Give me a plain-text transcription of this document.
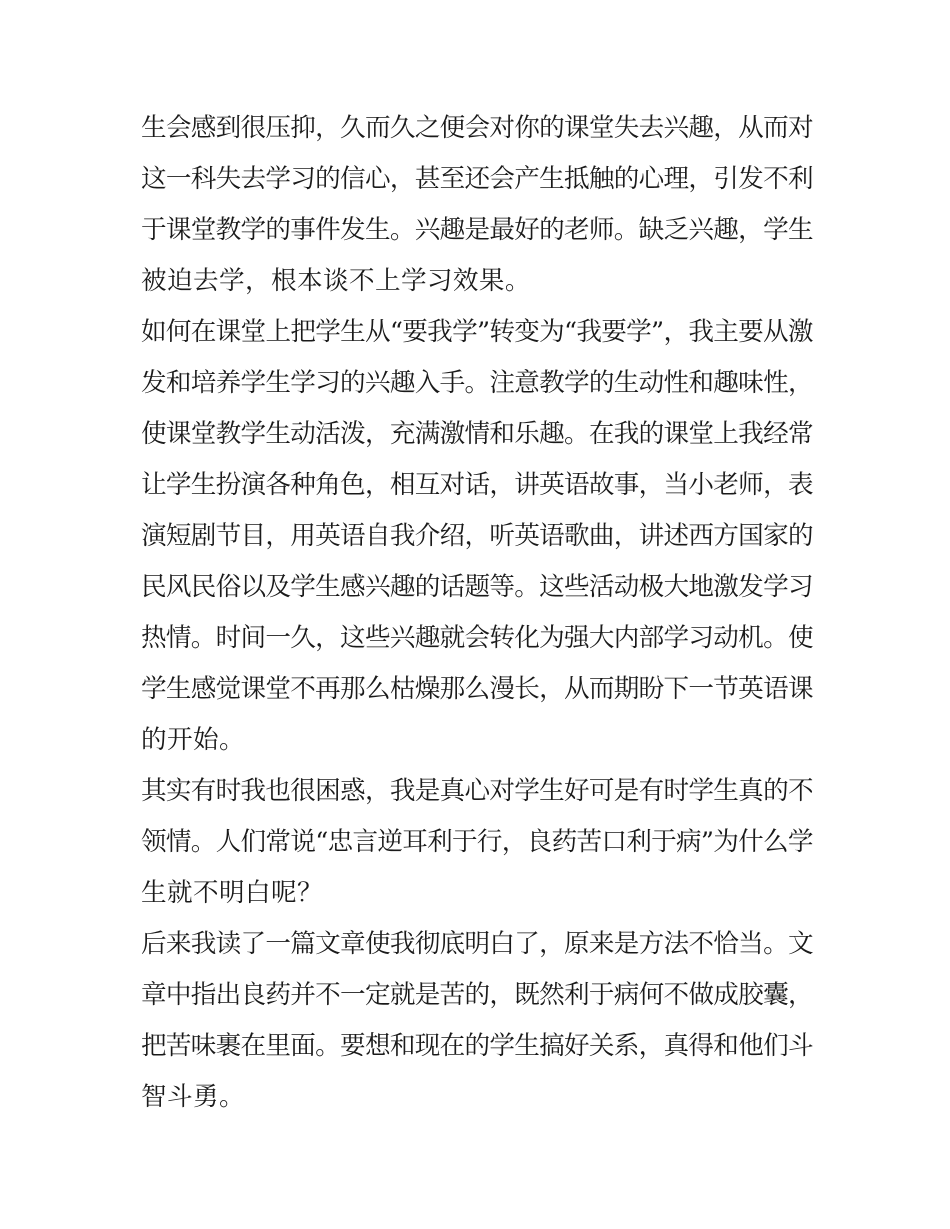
生会感到很压抑，久而久之便会对你的课堂失去兴趣，从而对
这一科失去学习的信心，甚至还会产生抵触的心理，引发不利
于课堂教学的事件发生。兴趣是最好的老师。缺乏兴趣，学生
被迫去学，根本谈不上学习效果。
如何在课堂上把学生从“要我学”转变为“我要学”，我主要从激
发和培养学生学习的兴趣入手。注意教学的生动性和趣味性，
使课堂教学生动活泼，充满激情和乐趣。在我的课堂上我经常
让学生扮演各种角色，相互对话，讲英语故事，当小老师，表
演短剧节目，用英语自我介绍，听英语歌曲，讲述西方国家的
民风民俗以及学生感兴趣的话题等。这些活动极大地激发学习
热情。时间一久，这些兴趣就会转化为强大内部学习动机。使
学生感觉课堂不再那么枯燥那么漫长，从而期盼下一节英语课
的开始。
其实有时我也很困惑，我是真心对学生好可是有时学生真的不
领情。人们常说“忠言逆耳利于行，良药苦口利于病”为什么学
生就不明白呢？
后来我读了一篇文章使我彻底明白了，原来是方法不恰当。文
章中指出良药并不一定就是苦的，既然利于病何不做成胶囊，
把苦味裹在里面。要想和现在的学生搞好关系，真得和他们斗
智斗勇。
